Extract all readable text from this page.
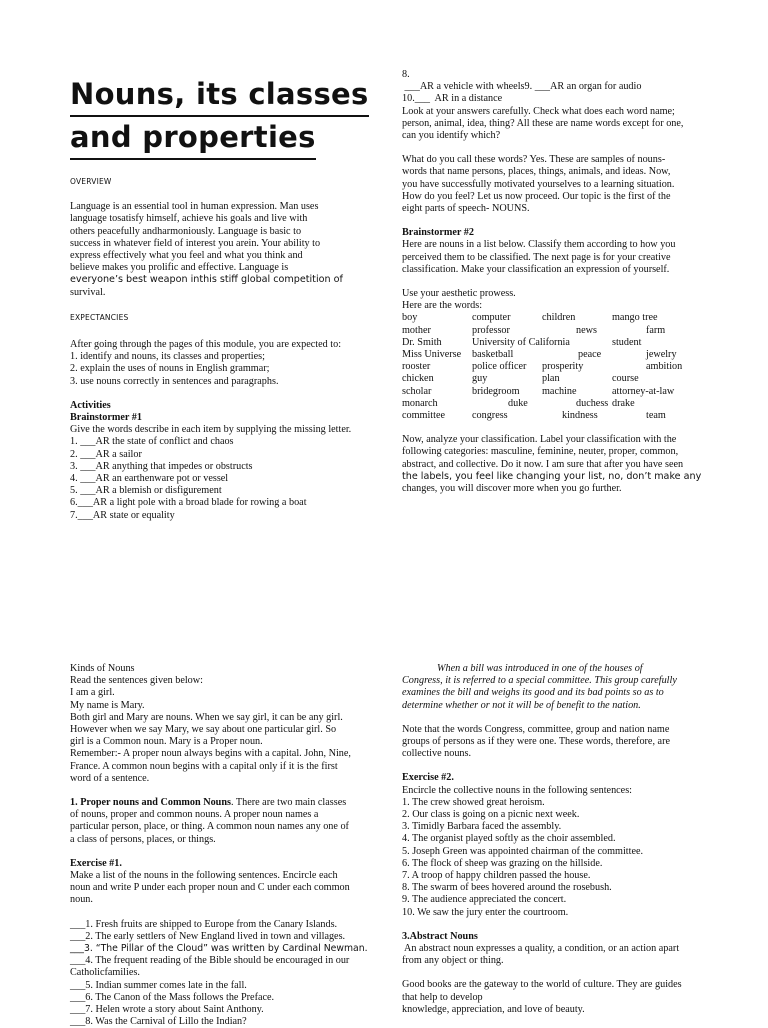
Nouns, its classes
and properties

OVERVIEW

Language is an essential tool in human expression. Man uses

language tosatisfy himself, achieve his goals and live with

others peacefully andharmoniously. Language is basic to

success in whatever field of interest you arein. Your ability to

express effectively what you feel and what you think and

believe makes you prolific and effective. Language is

everyone’s best weapon inthis stiff global competition of

survival.

EXPECTANCIES

After going through the pages of this module, you are expected to:

1. identify and nouns, its classes and properties;

2. explain the uses of nouns in English grammar;

3. use nouns correctly in sentences and paragraphs.

Activities

Brainstormer #1

Give the words describe in each item by supplying the missing letter.

1. ___AR the state of conflict and chaos

2. ___AR a sailor

3. ___AR anything that impedes or obstructs

4. ___AR an earthenware pot or vessel

5. ___AR a blemish or disfigurement

6.___AR a light pole with a broad blade for rowing a boat

7.___AR state or equality

8.

___AR a vehicle with wheels9. ___AR an organ for audio

10.___  AR in a distance

Look at your answers carefully. Check what does each word name;

person, animal, idea, thing? All these are name words except for one,

can you identify which?

What do you call these words? Yes. These are samples of nouns-

words that name persons, places, things, animals, and ideas. Now,

you have successfully motivated yourselves to a learning situation.

How do you feel? Let us now proceed. Our topic is the first of the

eight parts of speech- NOUNS.

Brainstormer #2

Here are nouns in a list below. Classify them according to how you

perceived them to be classified. The next page is for your creative

classification. Make your classification an expression of yourself.

Use your aesthetic prowess.

Here are the words:

boy	computer	children	mango tree
mother	professor	news	farm
Dr. Smith	University of California		student
Miss Universe	basketball	peace	jewelry
rooster	police officer	prosperity	ambition
chicken	guy	plan	course
scholar	bridegroom	machine	attorney-at-law
monarch	duke	duchess	drake
committee	congress	kindness	team

Now, analyze your classification. Label your classification with the

following categories: masculine, feminine, neuter, proper, common,

abstract, and collective. Do it now. I am sure that after you have seen

the labels, you feel like changing your list, no, don’t make any

changes, you will discover more when you go further.

Kinds of Nouns

Read the sentences given below:

I am a girl.

My name is Mary.

Both girl and Mary are nouns. When we say girl, it can be any girl.

However when we say Mary, we say about one particular girl. So

girl is a Common noun. Mary is a Proper noun.

Remember:- A proper noun always begins with a capital. John, Nine,

France. A common noun begins with a capital only if it is the first

word of a sentence.

1. Proper nouns and Common Nouns. There are two main classes

of nouns, proper and common nouns. A proper noun names a

particular person, place, or thing. A common noun names any one of

a class of persons, places, or things.

Exercise #1.

Make a list of the nouns in the following sentences. Encircle each

noun and write P under each proper noun and C under each common

noun.

___1. Fresh fruits are shipped to Europe from the Canary Islands.

___2. The early settlers of New England lived in town and villages.

___3. “The Pillar of the Cloud” was written by Cardinal Newman.

___4. The frequent reading of the Bible should be encouraged in our

Catholicfamilies.

___5. Indian summer comes late in the fall.

___6. The Canon of the Mass follows the Preface.

___7. Helen wrote a story about Saint Anthony.

___8. Was the Carnival of Lillo the Indian?

When a bill was introduced in one of the houses of

Congress, it is referred to a special committee. This group carefully

examines the bill and weighs its good and its bad points so as to

determine whether or not it will be of benefit to the nation.

Note that the words Congress, committee, group and nation name

groups of persons as if they were one. These words, therefore, are

collective nouns.

Exercise #2.

Encircle the collective nouns in the following sentences:

1. The crew showed great heroism.

2. Our class is going on a picnic next week.

3. Timidly Barbara faced the assembly.

4. The organist played softly as the choir assembled.

5. Joseph Green was appointed chairman of the committee.

6. The flock of sheep was grazing on the hillside.

7. A troop of happy children passed the house.

8. The swarm of bees hovered around the rosebush.

9. The audience appreciated the concert.

10. We saw the jury enter the courtroom.

3.Abstract Nouns

An abstract noun expresses a quality, a condition, or an action apart

from any object or thing.

Good books are the gateway to the world of culture. They are guides

that help to develop

knowledge, appreciation, and love of beauty.
